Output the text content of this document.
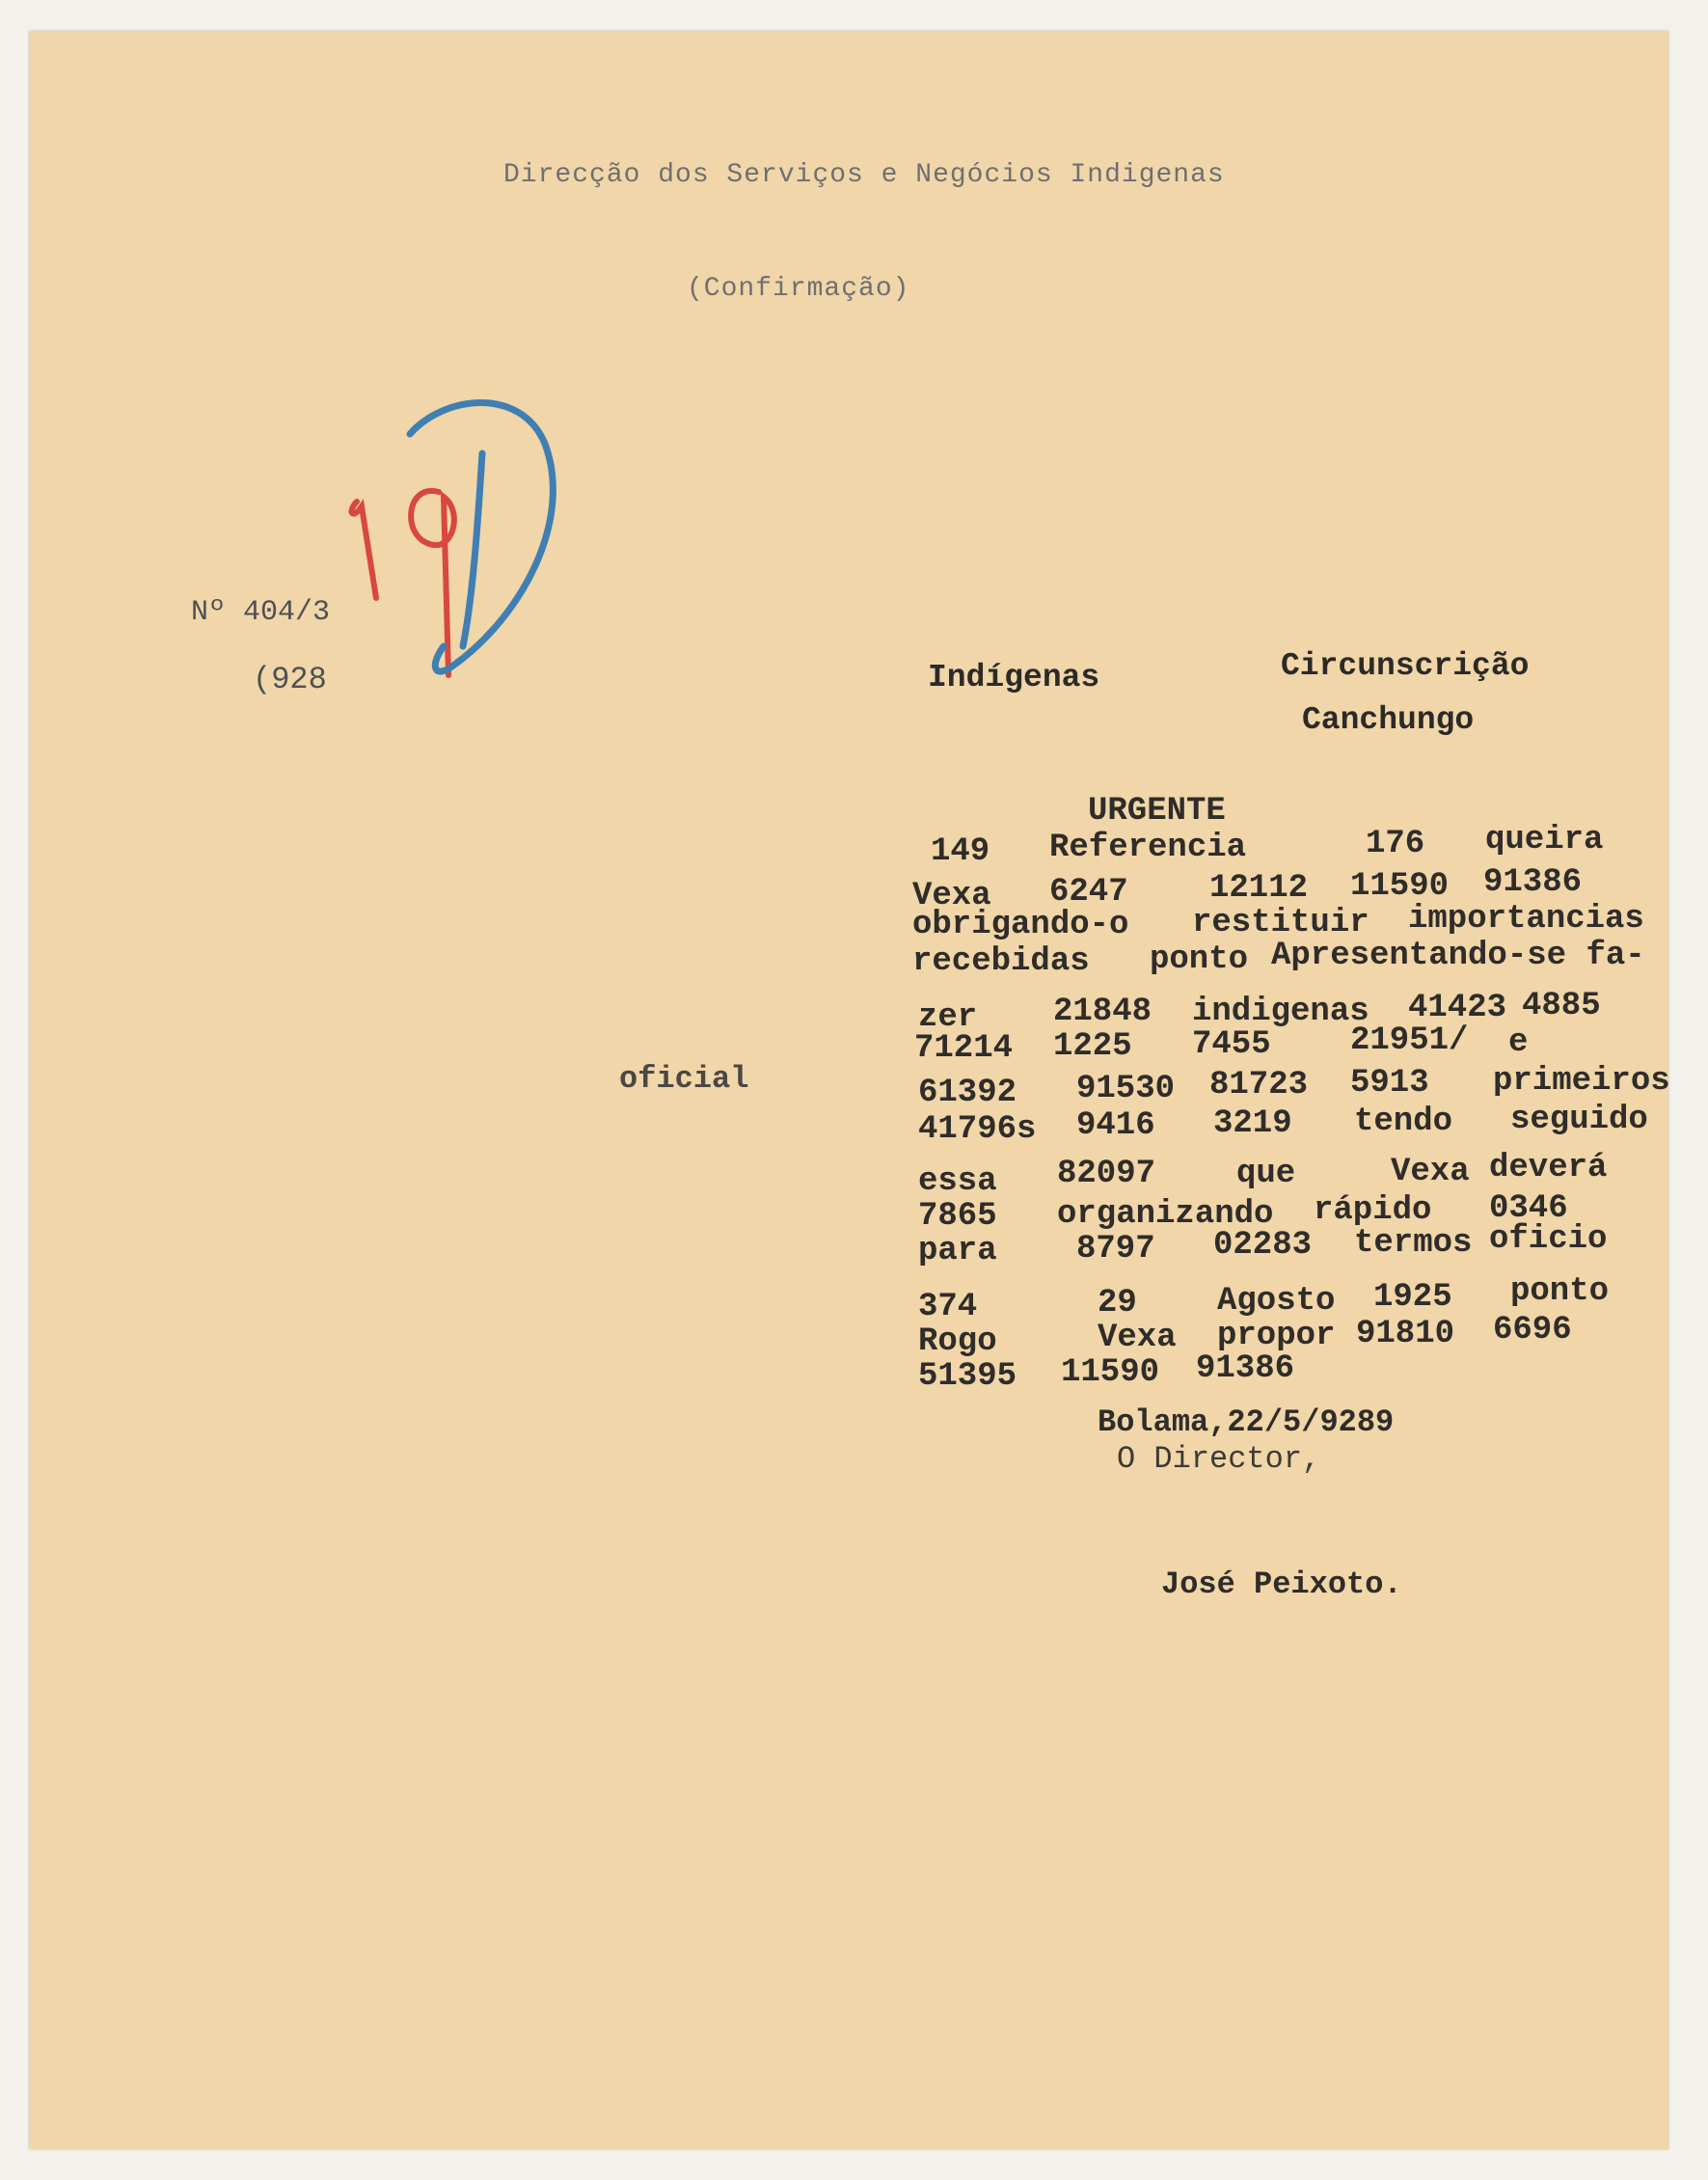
Direcção dos Serviços e Negócios Indigenas
(Confirmação)
Nº 404/3
(928
oficial
Indígenas	Circunscrição
Canchungo
URGENTE
149 Referencia	176 queira
Vexa 6247 12112 11590 91386
obrigando-o restituir importancias
recebidas ponto Apresentando-se fa-
zer 21848 indigenas 41423 4885
71214 1225 7455 21951/ e
61392 91530 81723 5913 primeiros
41796s 9416 3219 tendo seguido
essa 82097 que	Vexa deverá
7865 organizando rápido 0346
para 8797 02283 termos oficio
374	29 Agosto 1925 ponto
Rogo	Vexa propor 91810 6696
51395 11590 91386
Bolama,22/5/9289
O Director,
José Peixoto.
